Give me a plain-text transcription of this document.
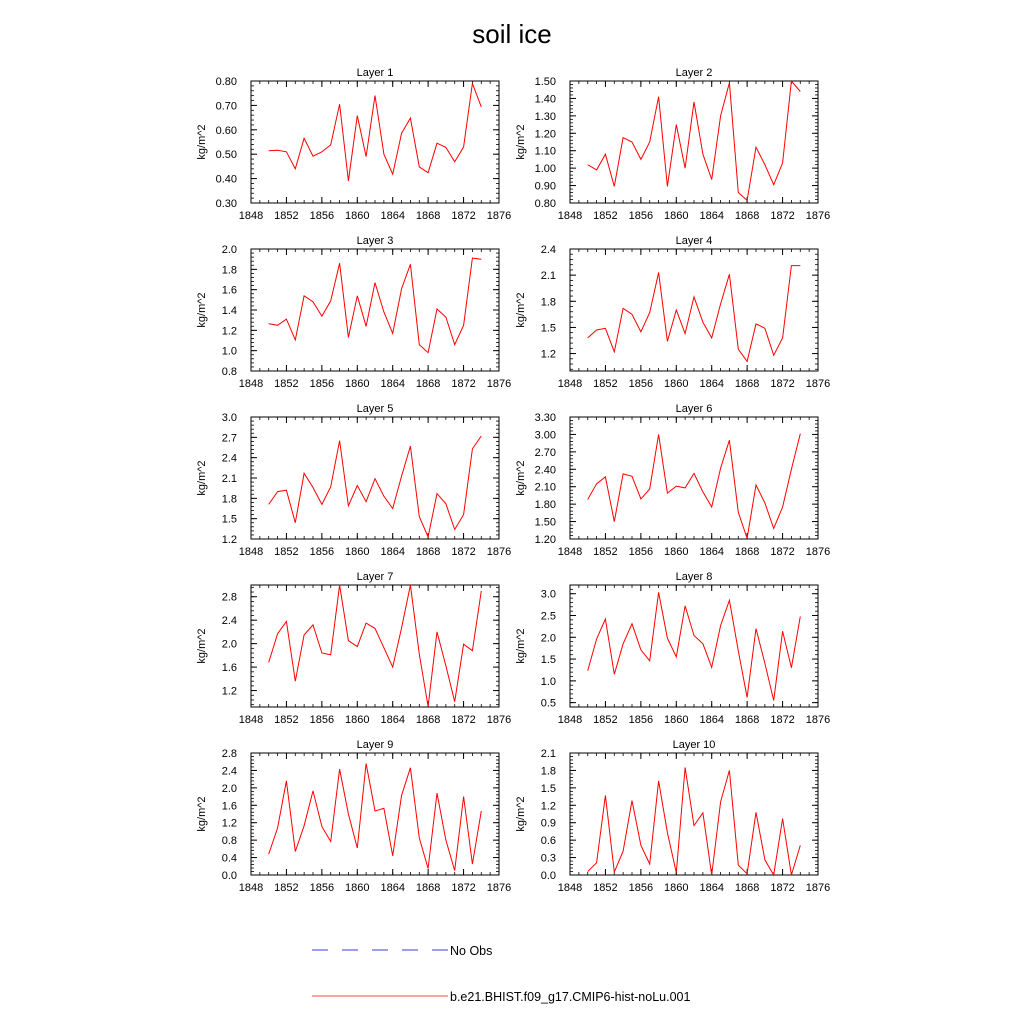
soil ice
Layer 1
1848 1852 1856 1860 1864 1868 1872 1876
0.30
0.40
0.50
0.60
0.70
0.80
kg/m^2
Layer 2
1848 1852 1856 1860 1864 1868 1872 1876
0.80
0.90
1.00
1.10
1.20
1.30
1.40
1.50
kg/m^2
Layer 3
1848 1852 1856 1860 1864 1868 1872 1876
0.8
1.0
1.2
1.4
1.6
1.8
2.0
kg/m^2
Layer 4
1848 1852 1856 1860 1864 1868 1872 1876
1.2
1.5
1.8
2.1
2.4
kg/m^2
Layer 5
1848 1852 1856 1860 1864 1868 1872 1876
1.2
1.5
1.8
2.1
2.4
2.7
3.0
kg/m^2
Layer 6
1848 1852 1856 1860 1864 1868 1872 1876
1.20
1.50
1.80
2.10
2.40
2.70
3.00
3.30
kg/m^2
Layer 7
1848 1852 1856 1860 1864 1868 1872 1876
1.2
1.6
2.0
2.4
2.8
kg/m^2
Layer 8
1848 1852 1856 1860 1864 1868 1872 1876
0.5
1.0
1.5
2.0
2.5
3.0
kg/m^2
Layer 9
1848 1852 1856 1860 1864 1868 1872 1876
0.0
0.4
0.8
1.2
1.6
2.0
2.4
2.8
kg/m^2
Layer 10
1848 1852 1856 1860 1864 1868 1872 1876
0.0
0.3
0.6
0.9
1.2
1.5
1.8
2.1
kg/m^2
No Obs
b.e21.BHIST.f09_g17.CMIP6-hist-noLu.001
